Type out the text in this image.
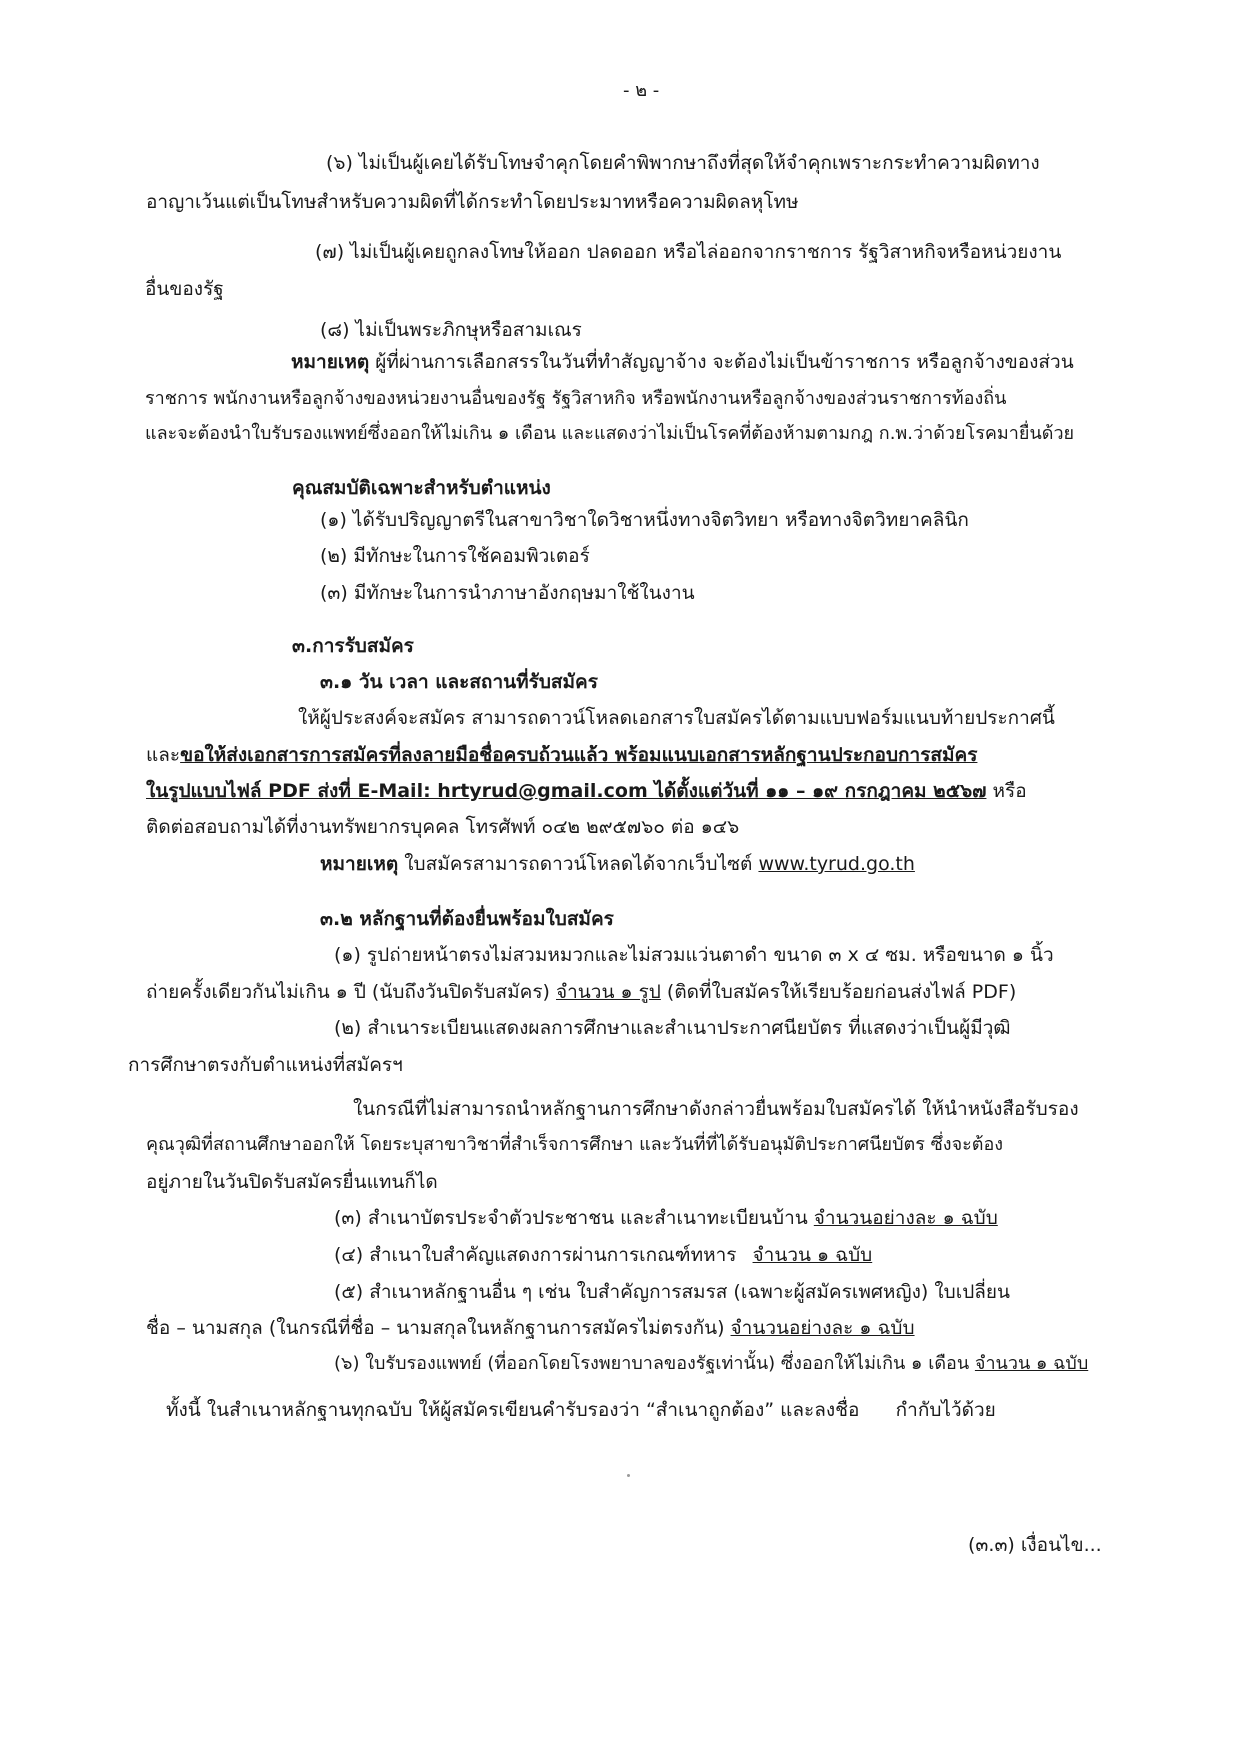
- ๒ -
(๖) ไม่เป็นผู้เคยได้รับโทษจำคุกโดยคำพิพากษาถึงที่สุดให้จำคุกเพราะกระทำความผิดทาง
อาญาเว้นแต่เป็นโทษสำหรับความผิดที่ได้กระทำโดยประมาทหรือความผิดลหุโทษ
(๗) ไม่เป็นผู้เคยถูกลงโทษให้ออก ปลดออก หรือไล่ออกจากราชการ รัฐวิสาหกิจหรือหน่วยงาน
อื่นของรัฐ
(๘) ไม่เป็นพระภิกษุหรือสามเณร
หมายเหตุ ผู้ที่ผ่านการเลือกสรรในวันที่ทำสัญญาจ้าง จะต้องไม่เป็นข้าราชการ หรือลูกจ้างของส่วน
ราชการ พนักงานหรือลูกจ้างของหน่วยงานอื่นของรัฐ รัฐวิสาหกิจ หรือพนักงานหรือลูกจ้างของส่วนราชการท้องถิ่น
และจะต้องนำใบรับรองแพทย์ซึ่งออกให้ไม่เกิน ๑ เดือน และแสดงว่าไม่เป็นโรคที่ต้องห้ามตามกฎ ก.พ.ว่าด้วยโรคมายื่นด้วย
คุณสมบัติเฉพาะสำหรับตำแหน่ง
(๑) ได้รับปริญญาตรีในสาขาวิชาใดวิชาหนึ่งทางจิตวิทยา หรือทางจิตวิทยาคลินิก
(๒) มีทักษะในการใช้คอมพิวเตอร์
(๓) มีทักษะในการนำภาษาอังกฤษมาใช้ในงาน
๓.การรับสมัคร
๓.๑ วัน เวลา และสถานที่รับสมัคร
ให้ผู้ประสงค์จะสมัคร สามารถดาวน์โหลดเอกสารใบสมัครได้ตามแบบฟอร์มแนบท้ายประกาศนี้
และขอให้ส่งเอกสารการสมัครที่ลงลายมือชื่อครบถ้วนแล้ว พร้อมแนบเอกสารหลักฐานประกอบการสมัคร
ในรูปแบบไฟล์ PDF ส่งที่ E-Mail: hrtyrud@gmail.com ได้ตั้งแต่วันที่ ๑๑ – ๑๙ กรกฎาคม ๒๕๖๗ หรือ
ติดต่อสอบถามได้ที่งานทรัพยากรบุคคล โทรศัพท์ ๐๔๒ ๒๙๕๗๖๐ ต่อ ๑๔๖
หมายเหตุ ใบสมัครสามารถดาวน์โหลดได้จากเว็บไซต์ www.tyrud.go.th
๓.๒ หลักฐานที่ต้องยื่นพร้อมใบสมัคร
(๑) รูปถ่ายหน้าตรงไม่สวมหมวกและไม่สวมแว่นตาดำ ขนาด ๓ x ๔ ซม. หรือขนาด ๑ นิ้ว
ถ่ายครั้งเดียวกันไม่เกิน ๑ ปี (นับถึงวันปิดรับสมัคร) จำนวน ๑ รูป (ติดที่ใบสมัครให้เรียบร้อยก่อนส่งไฟล์ PDF)
(๒) สำเนาระเบียนแสดงผลการศึกษาและสำเนาประกาศนียบัตร ที่แสดงว่าเป็นผู้มีวุฒิ
การศึกษาตรงกับตำแหน่งที่สมัครฯ
ในกรณีที่ไม่สามารถนำหลักฐานการศึกษาดังกล่าวยื่นพร้อมใบสมัครได้ ให้นำหนังสือรับรอง
คุณวุฒิที่สถานศึกษาออกให้ โดยระบุสาขาวิชาที่สำเร็จการศึกษา และวันที่ที่ได้รับอนุมัติประกาศนียบัตร ซึ่งจะต้อง
อยู่ภายในวันปิดรับสมัครยื่นแทนก็ได
(๓) สำเนาบัตรประจำตัวประชาชน และสำเนาทะเบียนบ้าน จำนวนอย่างละ ๑ ฉบับ
(๔) สำเนาใบสำคัญแสดงการผ่านการเกณฑ์ทหาร จำนวน ๑ ฉบับ
(๕) สำเนาหลักฐานอื่น ๆ เช่น ใบสำคัญการสมรส (เฉพาะผู้สมัครเพศหญิง) ใบเปลี่ยน
ชื่อ – นามสกุล (ในกรณีที่ชื่อ – นามสกุลในหลักฐานการสมัครไม่ตรงกัน) จำนวนอย่างละ ๑ ฉบับ
(๖) ใบรับรองแพทย์ (ที่ออกโดยโรงพยาบาลของรัฐเท่านั้น) ซึ่งออกให้ไม่เกิน ๑ เดือน จำนวน ๑ ฉบับ
ทั้งนี้ ในสำเนาหลักฐานทุกฉบับ ให้ผู้สมัครเขียนคำรับรองว่า “สำเนาถูกต้อง” และลงชื่อ      กำกับไว้ด้วย
(๓.๓) เงื่อนไข...
